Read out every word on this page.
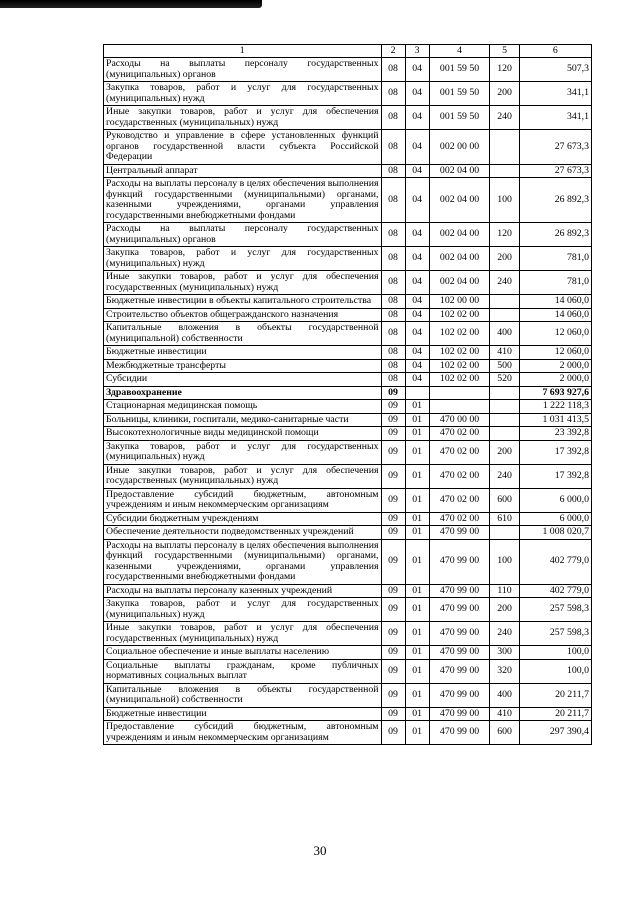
1	2	3	4	5	6
Расходы на выплаты персоналу государственных (муниципальных) органов	08	04	001 59 50	120	507,3
Закупка товаров, работ и услуг для государственных (муниципальных) нужд	08	04	001 59 50	200	341,1
Иные закупки товаров, работ и услуг для обеспечения государственных (муниципальных) нужд	08	04	001 59 50	240	341,1
Руководство и управление в сфере установленных функций органов государственной власти субъекта Российской Федерации	08	04	002 00 00		27 673,3
Центральный аппарат	08	04	002 04 00		27 673,3
Расходы на выплаты персоналу в целях обеспечения выполнения функций государственными (муниципальными) органами, казенными учреждениями, органами управления государственными внебюджетными фондами	08	04	002 04 00	100	26 892,3
Расходы на выплаты персоналу государственных (муниципальных) органов	08	04	002 04 00	120	26 892,3
Закупка товаров, работ и услуг для государственных (муниципальных) нужд	08	04	002 04 00	200	781,0
Иные закупки товаров, работ и услуг для обеспечения государственных (муниципальных) нужд	08	04	002 04 00	240	781,0
Бюджетные инвестиции в объекты капитального строительства	08	04	102 00 00		14 060,0
Строительство объектов общегражданского назначения	08	04	102 02 00		14 060,0
Капитальные вложения в объекты государственной (муниципальной) собственности	08	04	102 02 00	400	12 060,0
Бюджетные инвестиции	08	04	102 02 00	410	12 060,0
Межбюджетные трансферты	08	04	102 02 00	500	2 000,0
Субсидии	08	04	102 02 00	520	2 000,0
Здравоохранение	09				7 693 927,6
Стационарная медицинская помощь	09	01			1 222 118,3
Больницы, клиники, госпитали, медико-санитарные части	09	01	470 00 00		1 031 413,5
Высокотехнологичные виды медицинской помощи	09	01	470 02 00		23 392,8
Закупка товаров, работ и услуг для государственных (муниципальных) нужд	09	01	470 02 00	200	17 392,8
Иные закупки товаров, работ и услуг для обеспечения государственных (муниципальных) нужд	09	01	470 02 00	240	17 392,8
Предоставление субсидий бюджетным, автономным учреждениям и иным некоммерческим организациям	09	01	470 02 00	600	6 000,0
Субсидии бюджетным учреждениям	09	01	470 02 00	610	6 000,0
Обеспечение деятельности подведомственных учреждений	09	01	470 99 00		1 008 020,7
Расходы на выплаты персоналу в целях обеспечения выполнения функций государственными (муниципальными) органами, казенными учреждениями, органами управления государственными внебюджетными фондами	09	01	470 99 00	100	402 779,0
Расходы на выплаты персоналу казенных учреждений	09	01	470 99 00	110	402 779,0
Закупка товаров, работ и услуг для государственных (муниципальных) нужд	09	01	470 99 00	200	257 598,3
Иные закупки товаров, работ и услуг для обеспечения государственных (муниципальных) нужд	09	01	470 99 00	240	257 598,3
Социальное обеспечение и иные выплаты населению	09	01	470 99 00	300	100,0
Социальные выплаты гражданам, кроме публичных нормативных социальных выплат	09	01	470 99 00	320	100,0
Капитальные вложения в объекты государственной (муниципальной) собственности	09	01	470 99 00	400	20 211,7
Бюджетные инвестиции	09	01	470 99 00	410	20 211,7
Предоставление субсидий бюджетным, автономным учреждениям и иным некоммерческим организациям	09	01	470 99 00	600	297 390,4
30
